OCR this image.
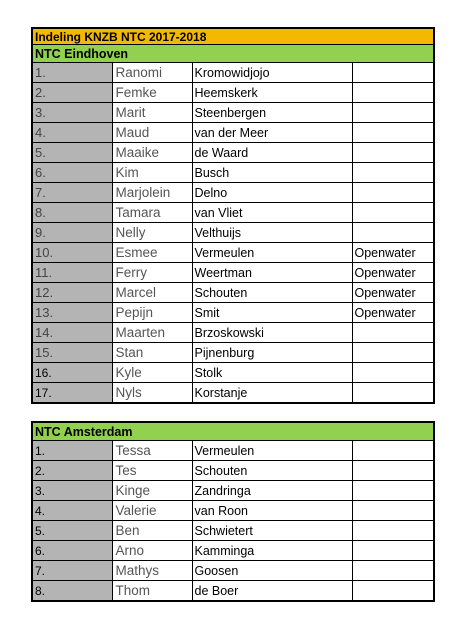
Indeling KNZB NTC 2017-2018			
NTC Eindhoven			
1.	Ranomi	Kromowidjojo	
2.	Femke	Heemskerk	
3.	Marit	Steenbergen	
4.	Maud	van der Meer	
5.	Maaike	de Waard	
6.	Kim	Busch	
7.	Marjolein	Delno	
8.	Tamara	van Vliet	
9.	Nelly	Velthuijs	
10.	Esmee	Vermeulen	Openwater
11.	Ferry	Weertman	Openwater
12.	Marcel	Schouten	Openwater
13.	Pepijn	Smit	Openwater
14.	Maarten	Brzoskowski	
15.	Stan	Pijnenburg	
16.	Kyle	Stolk	
17.	Nyls	Korstanje	
NTC Amsterdam			
1.	Tessa	Vermeulen	
2.	Tes	Schouten	
3.	Kinge	Zandringa	
4.	Valerie	van Roon	
5.	Ben	Schwietert	
6.	Arno	Kamminga	
7.	Mathys	Goosen	
8.	Thom	de Boer	
